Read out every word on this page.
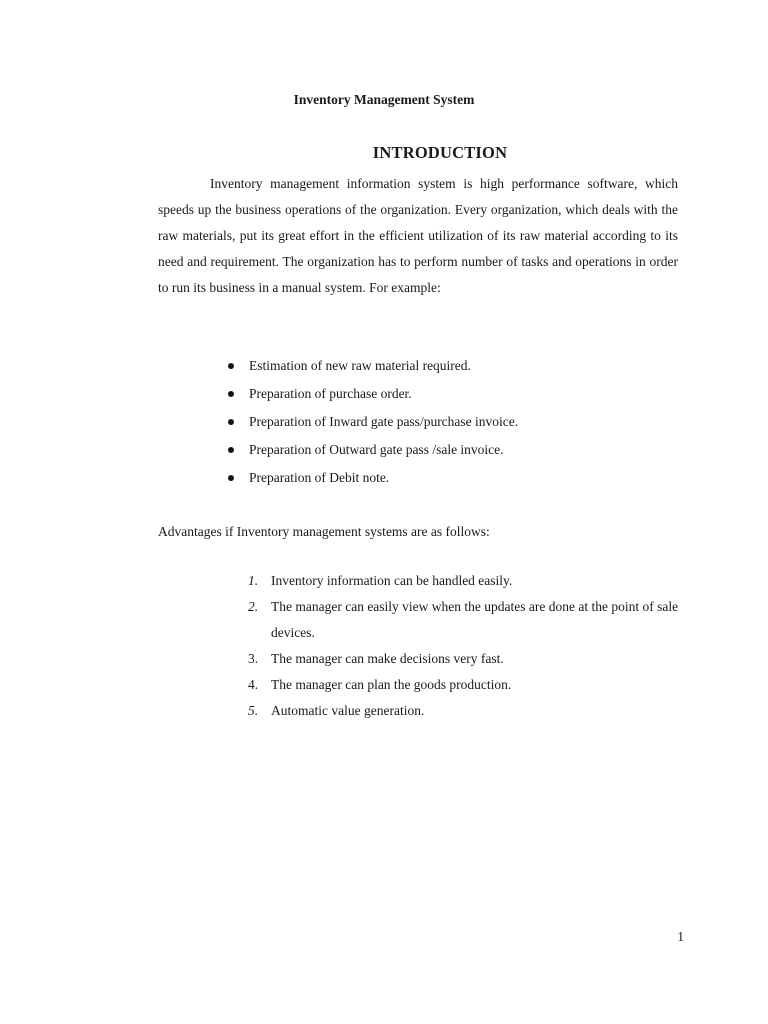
Inventory Management System
INTRODUCTION

Inventory management information system is high performance software, which speeds up the business operations of the organization. Every organization, which deals with the raw materials, put its great effort in the efficient utilization of its raw material according to its need and requirement. The organization has to perform number of tasks and operations in order to run its business in a manual system. For example:

Estimation of new raw material required.
Preparation of purchase order.
Preparation of Inward gate pass/purchase invoice.
Preparation of Outward gate pass /sale invoice.
Preparation of Debit note.

Advantages if Inventory management systems are as follows:

1. Inventory information can be handled easily.
2. The manager can easily view when the updates are done at the point of sale devices.
3. The manager can make decisions very fast.
4. The manager can plan the goods production.
5. Automatic value generation.
1
